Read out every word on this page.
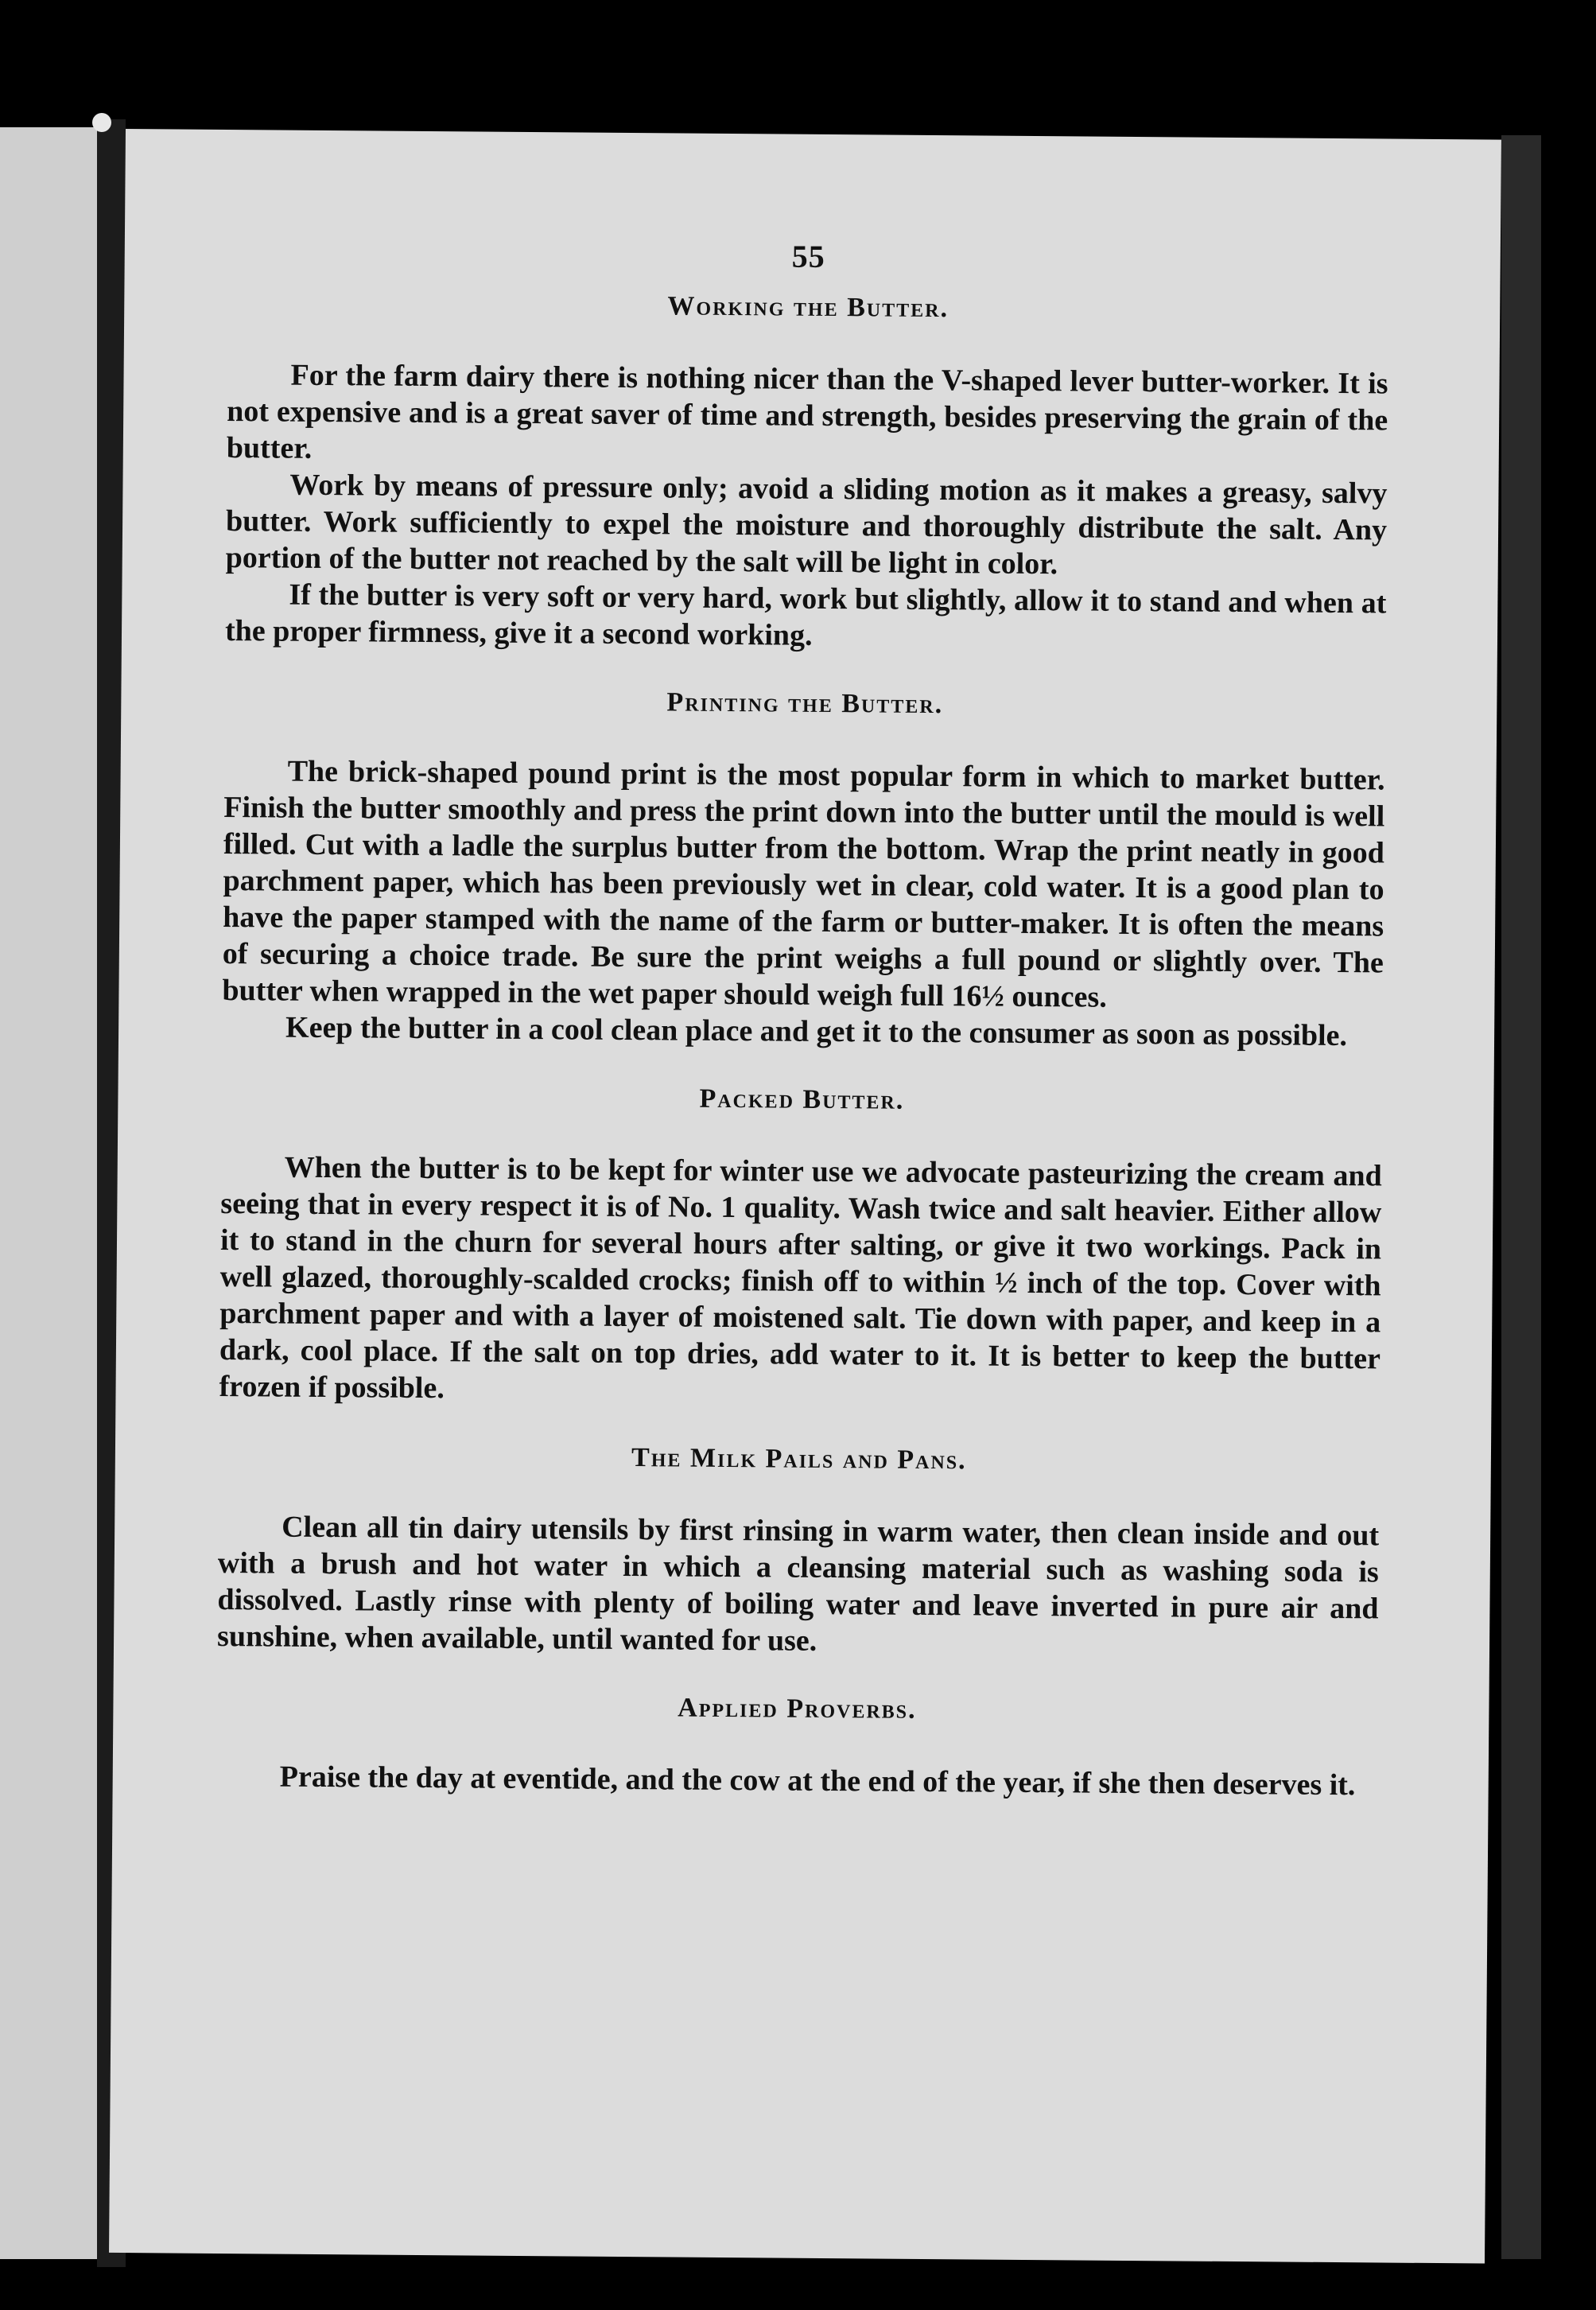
55
Working the Butter.

For the farm dairy there is nothing nicer than the V-shaped lever butter-worker. It is not expensive and is a great saver of time and strength, besides preserving the grain of the butter.

Work by means of pressure only; avoid a sliding motion as it makes a greasy, salvy butter. Work sufficiently to expel the moisture and thoroughly distribute the salt. Any portion of the butter not reached by the salt will be light in color.

If the butter is very soft or very hard, work but slightly, allow it to stand and when at the proper firmness, give it a second working.

Printing the Butter.

The brick-shaped pound print is the most popular form in which to market butter. Finish the butter smoothly and press the print down into the butter until the mould is well filled. Cut with a ladle the surplus butter from the bottom. Wrap the print neatly in good parchment paper, which has been previously wet in clear, cold water. It is a good plan to have the paper stamped with the name of the farm or butter-maker. It is often the means of securing a choice trade. Be sure the print weighs a full pound or slightly over. The butter when wrapped in the wet paper should weigh full 16½ ounces.

Keep the butter in a cool clean place and get it to the consumer as soon as possible.

Packed Butter.

When the butter is to be kept for winter use we advocate pasteurizing the cream and seeing that in every respect it is of No. 1 quality. Wash twice and salt heavier. Either allow it to stand in the churn for several hours after salting, or give it two workings. Pack in well glazed, thoroughly-scalded crocks; finish off to within ½ inch of the top. Cover with parchment paper and with a layer of moistened salt. Tie down with paper, and keep in a dark, cool place. If the salt on top dries, add water to it. It is better to keep the butter frozen if possible.

The Milk Pails and Pans.

Clean all tin dairy utensils by first rinsing in warm water, then clean inside and out with a brush and hot water in which a cleansing material such as washing soda is dissolved. Lastly rinse with plenty of boiling water and leave inverted in pure air and sunshine, when available, until wanted for use.

Applied Proverbs.

Praise the day at eventide, and the cow at the end of the year, if she then deserves it.
